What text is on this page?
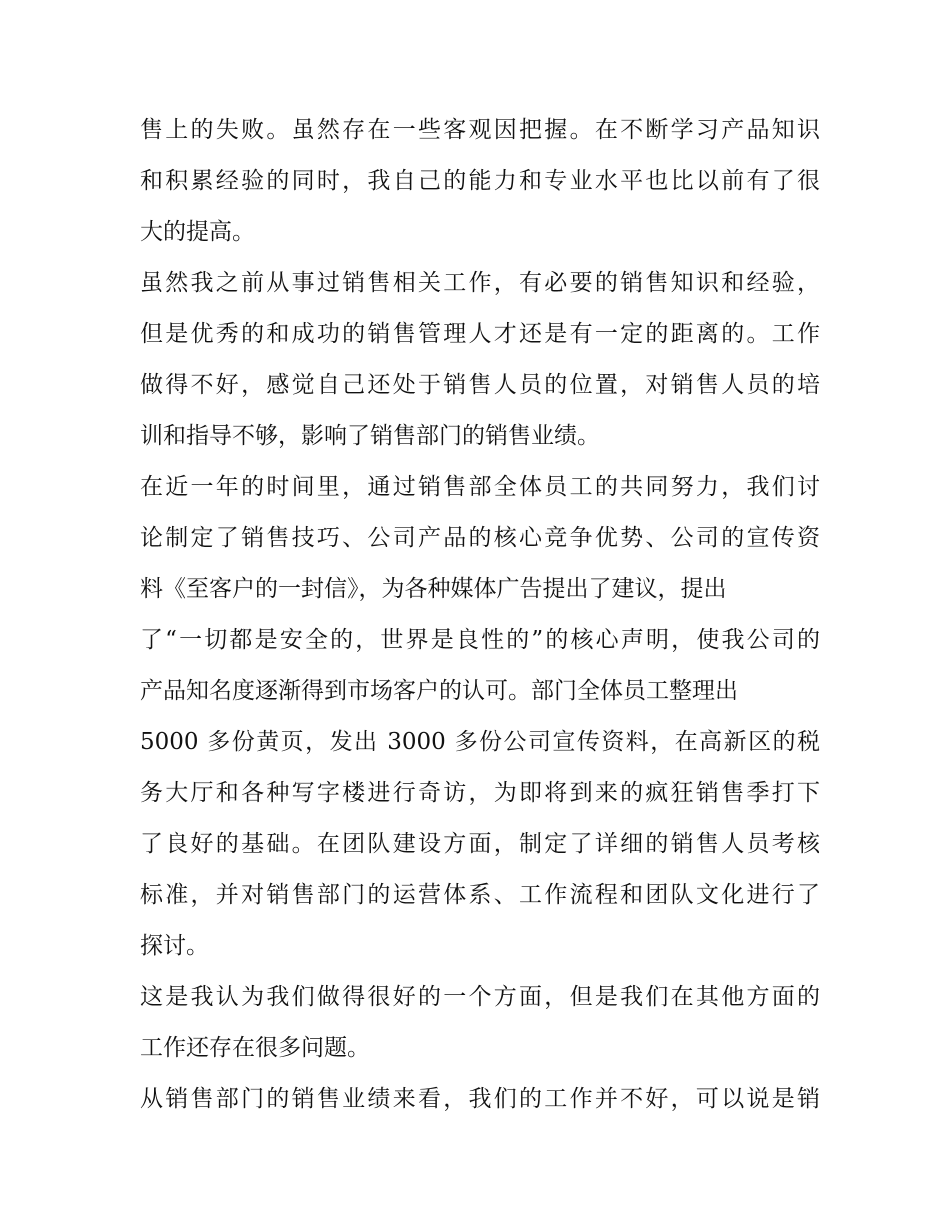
售上的失败。虽然存在一些客观因把握。在不断学习产品知识
和积累经验的同时，我自己的能力和专业水平也比以前有了很
大的提高。
虽然我之前从事过销售相关工作，有必要的销售知识和经验，
但是优秀的和成功的销售管理人才还是有一定的距离的。工作
做得不好，感觉自己还处于销售人员的位置，对销售人员的培
训和指导不够，影响了销售部门的销售业绩。
在近一年的时间里，通过销售部全体员工的共同努力，我们讨
论制定了销售技巧、公司产品的核心竞争优势、公司的宣传资
料《至客户的一封信》，为各种媒体广告提出了建议，提出
了“一切都是安全的，世界是良性的”的核心声明，使我公司的
产品知名度逐渐得到市场客户的认可。部门全体员工整理出
5000 多份黄页，发出 3000 多份公司宣传资料，在高新区的税
务大厅和各种写字楼进行奇访，为即将到来的疯狂销售季打下
了良好的基础。在团队建设方面，制定了详细的销售人员考核
标准，并对销售部门的运营体系、工作流程和团队文化进行了
探讨。
这是我认为我们做得很好的一个方面，但是我们在其他方面的
工作还存在很多问题。
从销售部门的销售业绩来看，我们的工作并不好，可以说是销
